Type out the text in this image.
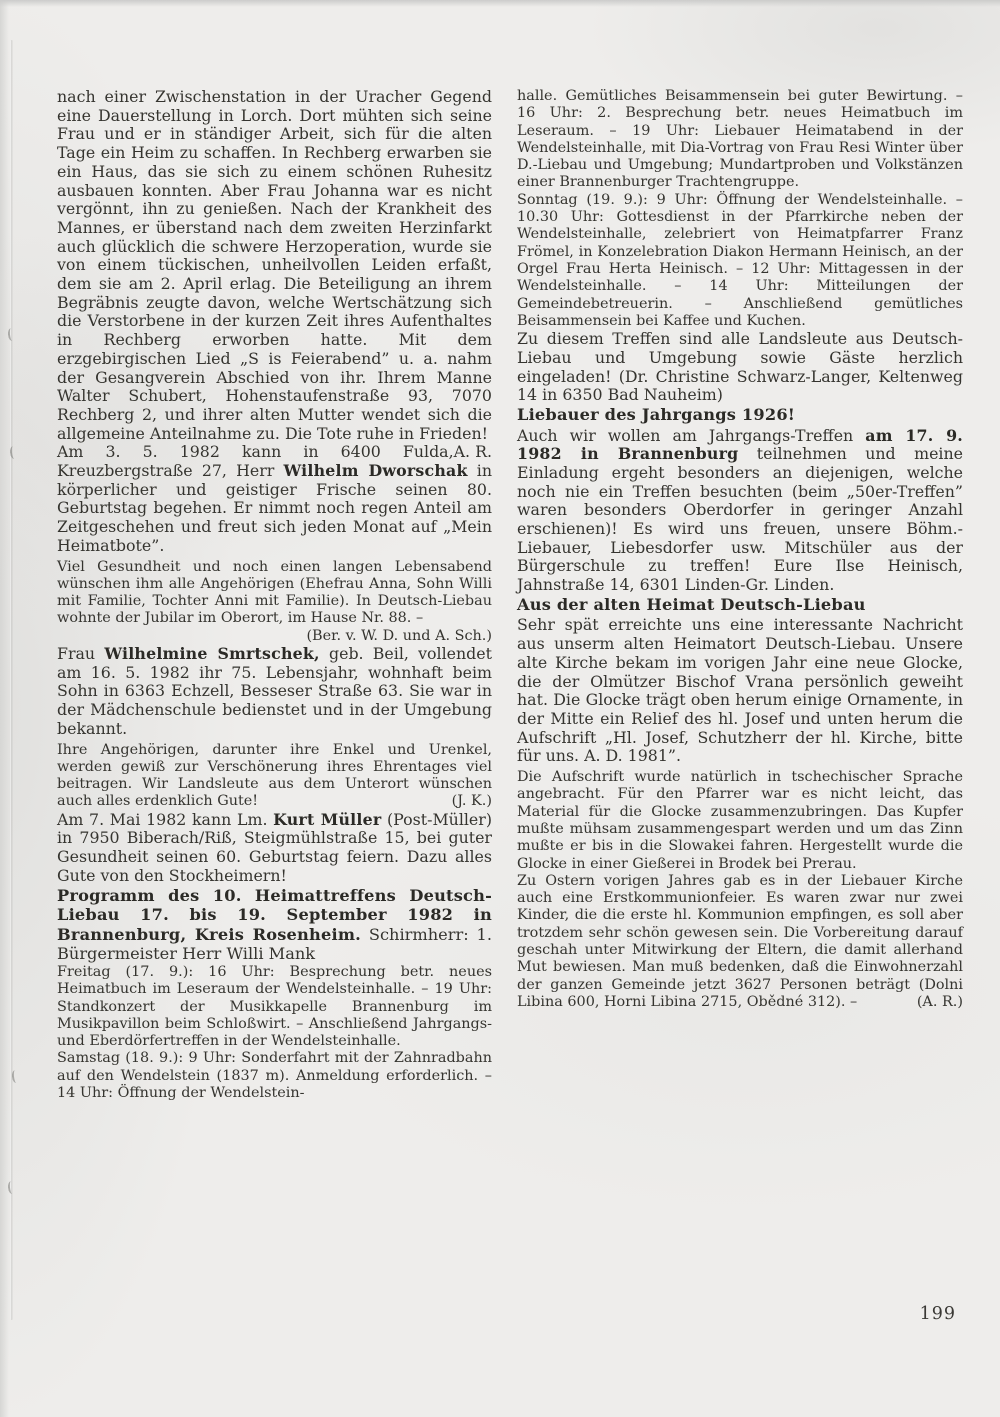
nach einer Zwischenstation in der Uracher Gegend eine Dauerstellung in Lorch. Dort mühten sich seine Frau und er in ständiger Arbeit, sich für die alten Tage ein Heim zu schaffen. In Rechberg erwarben sie ein Haus, das sie sich zu einem schönen Ruhesitz ausbauen konnten. Aber Frau Johanna war es nicht vergönnt, ihn zu genießen. Nach der Krankheit des Mannes, er überstand nach dem zweiten Herzinfarkt auch glücklich die schwere Herzoperation, wurde sie von einem tückischen, unheilvollen Leiden erfaßt, dem sie am 2. April erlag. Die Beteiligung an ihrem Begräbnis zeugte davon, welche Wertschätzung sich die Verstorbene in der kurzen Zeit ihres Aufenthaltes in Rechberg erworben hatte. Mit dem erzgebirgischen Lied „S is Feierabend” u. a. nahm der Gesangverein Abschied von ihr. Ihrem Manne Walter Schubert, Hohenstaufenstraße 93, 7070 Rechberg 2, und ihrer alten Mutter wendet sich die allgemeine Anteilnahme zu. Die Tote ruhe in Frieden!
A. R.
Am 3. 5. 1982 kann in 6400 Fulda, Kreuzbergstraße 27, Herr Wilhelm Dworschak in körperlicher und geistiger Frische seinen 80. Geburtstag begehen. Er nimmt noch regen Anteil am Zeitgeschehen und freut sich jeden Monat auf „Mein Heimatbote”.
Viel Gesundheit und noch einen langen Lebensabend wünschen ihm alle Angehörigen (Ehefrau Anna, Sohn Willi mit Familie, Tochter Anni mit Familie). In Deutsch-Liebau wohnte der Jubilar im Oberort, im Hause Nr. 88. –
(Ber. v. W. D. und A. Sch.)
Frau Wilhelmine Smrtschek, geb. Beil, vollendet am 16. 5. 1982 ihr 75. Lebensjahr, wohnhaft beim Sohn in 6363 Echzell, Besseser Straße 63. Sie war in der Mädchenschule bedienstet und in der Umgebung bekannt.
Ihre Angehörigen, darunter ihre Enkel und Urenkel, werden gewiß zur Verschönerung ihres Ehrentages viel beitragen. Wir Landsleute aus dem Unterort wünschen auch alles erdenklich Gute!	(J. K.)
Am 7. Mai 1982 kann Lm. Kurt Müller (Post-Müller) in 7950 Biberach/Riß, Steigmühlstraße 15, bei guter Gesundheit seinen 60. Geburtstag feiern. Dazu alles Gute von den Stockheimern!
Programm des 10. Heimattreffens Deutsch-Liebau 17. bis 19. September 1982 in Brannenburg, Kreis Rosenheim. Schirmherr: 1. Bürgermeister Herr Willi Mank
Freitag (17. 9.): 16 Uhr: Besprechung betr. neues Heimatbuch im Leseraum der Wendelsteinhalle. – 19 Uhr: Standkonzert der Musikkapelle Brannenburg im Musikpavillon beim Schloßwirt. – Anschließend Jahrgangs- und Eberdörfertreffen in der Wendelsteinhalle.
Samstag (18. 9.): 9 Uhr: Sonderfahrt mit der Zahnradbahn auf den Wendelstein (1837 m). Anmeldung erforderlich. – 14 Uhr: Öffnung der Wendelstein-
halle. Gemütliches Beisammensein bei guter Bewirtung. – 16 Uhr: 2. Besprechung betr. neues Heimatbuch im Leseraum. – 19 Uhr: Liebauer Heimatabend in der Wendelsteinhalle, mit Dia-Vortrag von Frau Resi Winter über D.-Liebau und Umgebung; Mundartproben und Volkstänzen einer Brannenburger Trachtengruppe.
Sonntag (19. 9.): 9 Uhr: Öffnung der Wendelsteinhalle. – 10.30 Uhr: Gottesdienst in der Pfarrkirche neben der Wendelsteinhalle, zelebriert von Heimatpfarrer Franz Frömel, in Konzelebration Diakon Hermann Heinisch, an der Orgel Frau Herta Heinisch. – 12 Uhr: Mittagessen in der Wendelsteinhalle. – 14 Uhr: Mitteilungen der Gemeindebetreuerin. – Anschließend gemütliches Beisammensein bei Kaffee und Kuchen.
Zu diesem Treffen sind alle Landsleute aus Deutsch-Liebau und Umgebung sowie Gäste herzlich eingeladen! (Dr. Christine Schwarz-Langer, Keltenweg 14 in 6350 Bad Nauheim)
Liebauer des Jahrgangs 1926!
Auch wir wollen am Jahrgangs-Treffen am 17. 9. 1982 in Brannenburg teilnehmen und meine Einladung ergeht besonders an diejenigen, welche noch nie ein Treffen besuchten (beim „50er-Treffen” waren besonders Oberdorfer in geringer Anzahl erschienen)! Es wird uns freuen, unsere Böhm.-Liebauer, Liebesdorfer usw. Mitschüler aus der Bürgerschule zu treffen! Eure Ilse Heinisch, Jahnstraße 14, 6301 Linden-Gr. Linden.
Aus der alten Heimat Deutsch-Liebau
Sehr spät erreichte uns eine interessante Nachricht aus unserm alten Heimatort Deutsch-Liebau. Unsere alte Kirche bekam im vorigen Jahr eine neue Glocke, die der Olmützer Bischof Vrana persönlich geweiht hat. Die Glocke trägt oben herum einige Ornamente, in der Mitte ein Relief des hl. Josef und unten herum die Aufschrift „Hl. Josef, Schutzherr der hl. Kirche, bitte für uns. A. D. 1981”.
Die Aufschrift wurde natürlich in tschechischer Sprache angebracht. Für den Pfarrer war es nicht leicht, das Material für die Glocke zusammenzubringen. Das Kupfer mußte mühsam zusammengespart werden und um das Zinn mußte er bis in die Slowakei fahren. Hergestellt wurde die Glocke in einer Gießerei in Brodek bei Prerau.
Zu Ostern vorigen Jahres gab es in der Liebauer Kirche auch eine Erstkommunionfeier. Es waren zwar nur zwei Kinder, die die erste hl. Kommunion empfingen, es soll aber trotzdem sehr schön gewesen sein. Die Vorbereitung darauf geschah unter Mitwirkung der Eltern, die damit allerhand Mut bewiesen. Man muß bedenken, daß die Einwohnerzahl der ganzen Gemeinde jetzt 3627 Personen beträgt (Dolni Libina 600, Horni Libina 2715, Obědné 312). –	(A. R.)
199
